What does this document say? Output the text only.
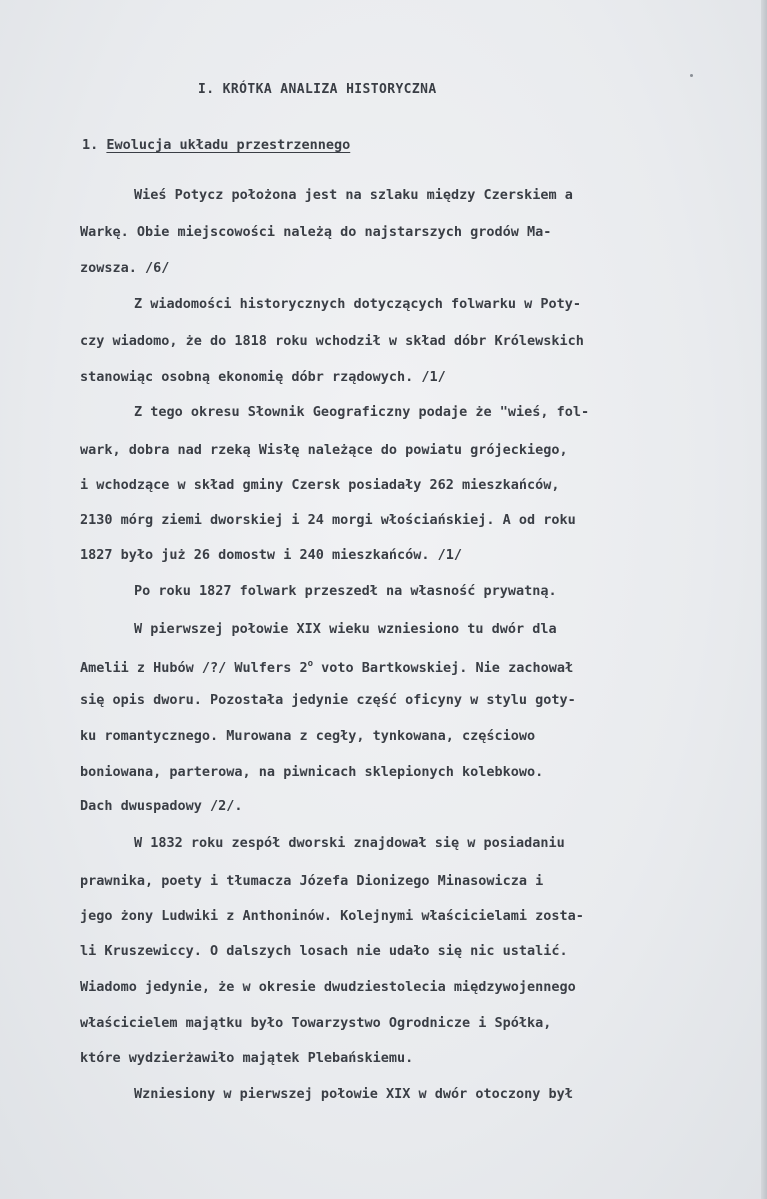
I. KRÓTKA ANALIZA HISTORYCZNA
1. Ewolucja układu przestrzennego
Wieś Potycz położona jest na szlaku między Czerskiem a
Warkę. Obie miejscowości należą do najstarszych grodów Ma-
zowsza. /6/
Z wiadomości historycznych dotyczących folwarku w Poty-
czy wiadomo, że do 1818 roku wchodził w skład dóbr Królewskich
stanowiąc osobną ekonomię dóbr rządowych. /1/
Z tego okresu Słownik Geograficzny podaje że "wieś, fol-
wark, dobra nad rzeką Wisłę należące do powiatu grójeckiego,
i wchodzące w skład gminy Czersk posiadały 262 mieszkańców,
2130 mórg ziemi dworskiej i 24 morgi włościańskiej. A od roku
1827 było już 26 domostw i 240 mieszkańców. /1/
Po roku 1827 folwark przeszedł na własność prywatną.
W pierwszej połowie XIX wieku wzniesiono tu dwór dla
Amelii z Hubów /?/ Wulfers 2$^o$ voto Bartkowskiej. Nie zachował
się opis dworu. Pozostała jedynie część oficyny w stylu goty-
ku romantycznego. Murowana z cegły, tynkowana, częściowo
boniowana, parterowa, na piwnicach sklepionych kolebkowo.
Dach dwuspadowy /2/.
W 1832 roku zespół dworski znajdował się w posiadaniu
prawnika, poety i tłumacza Józefa Dionizego Minasowicza i
jego żony Ludwiki z Anthoninów. Kolejnymi właścicielami zosta-
li Kruszewiccy. O dalszych losach nie udało się nic ustalić.
Wiadomo jedynie, że w okresie dwudziestolecia międzywojennego
właścicielem majątku było Towarzystwo Ogrodnicze i Spółka,
które wydzierżawiło majątek Plebańskiemu.
Wzniesiony w pierwszej połowie XIX w dwór otoczony był
